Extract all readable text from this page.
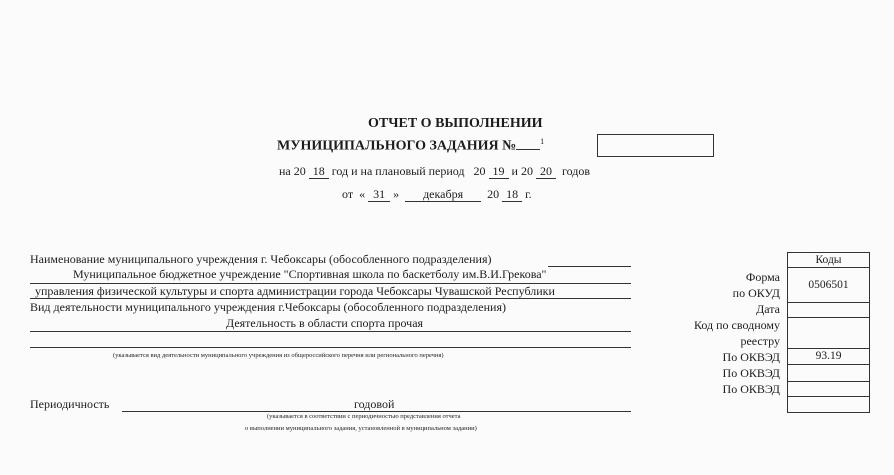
ОТЧЕТ О ВЫПОЛНЕНИИ
МУНИЦИПАЛЬНОГО ЗАДАНИЯ №	$^1$
на 20 18 год и на плановый период 20 19 и 20 20 годов
от « 31 » декабря 20 18 г.
Наименование муниципального учреждения г. Чебоксары (обособленного подразделения)
Муниципальное бюджетное учреждение "Спортивная школа по баскетболу им.В.И.Грекова"
управления физической культуры и спорта администрации города Чебоксары Чувашской Республики
Вид деятельности муниципального учреждения г.Чебоксары (обособленного подразделения)
Деятельность в области спорта прочая
(указывается вид деятельности муниципального учреждения из общероссийского перечня или регионального перечня)
Периодичность	годовой
(указывается в соответствии с периодичностью представления отчета
о выполнении муниципального задания, установленной в муниципальном задании)
Коды
0506501
93.19
Форма
по ОКУД
Дата
Код по сводному
реестру
По ОКВЭД
По ОКВЭД
По ОКВЭД
